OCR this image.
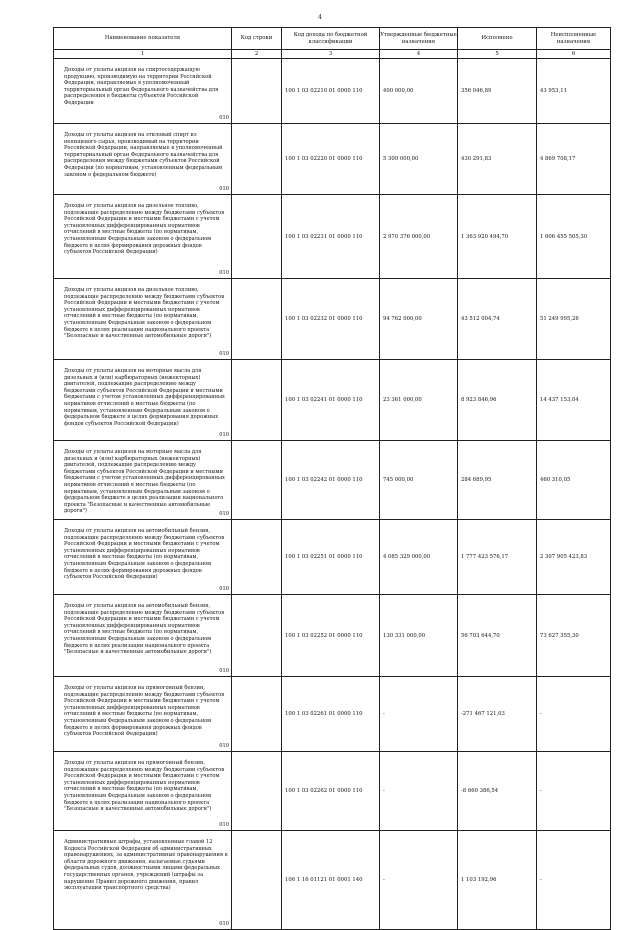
4
Наименование показателя	Код строки	Код дохода по бюджетной классификации	Утвержденные бюджетные назначения	Исполнено	Неисполненные назначения
1	2	3	4	5	6

Доходы от уплаты акцизов на спиртосодержащую продукцию, производимую на территории Российской Федерации, направляемые в уполномоченный территориальный орган Федерального казначейства для распределения в бюджеты субъектов Российской Федерации
010		100 1 03 02210 01 0000 110	400 000,00	356 046,89	43 953,11

Доходы от уплаты акцизов на этиловый спирт из непищевого сырья, производимый на территории Российской Федерации, направляемые в уполномоченный территориальный орган Федерального казначейства для распределения между бюджетами субъектов Российской Федерации (по нормативам, установленным федеральным законом о федеральном бюджете)
010		100 1 03 02220 01 0000 110	5 300 000,00	430 291,83	4 869 708,17

Доходы от уплаты акцизов на дизельное топливо, подлежащие распределению между бюджетами субъектов Российской Федерации и местными бюджетами с учетом установленных дифференцированных нормативов отчислений в местные бюджеты (по нормативам, установленным Федеральным законом о федеральном бюджете в целях формирования дорожных фондов субъектов Российской Федерации)
010		100 1 03 02231 01 0000 110	2 970 376 000,00	1 363 920 494,70	1 606 455 505,30

Доходы от уплаты акцизов на дизельное топливо, подлежащие распределению между бюджетами субъектов Российской Федерации и местными бюджетами с учетом установленных дифференцированных нормативов отчислений в местные бюджеты (по нормативам, установленным Федеральным законом о федеральном бюджете в целях реализации национального проекта "Безопасные и качественные автомобильные дороги")
010		100 1 03 02232 01 0000 110	94 762 000,00	43 512 004,74	51 249 995,26

Доходы от уплаты акцизов на моторные масла для дизельных и (или) карбюраторных (инжекторных) двигателей, подлежащие распределению между бюджетами субъектов Российской Федерации и местными бюджетами с учетом установленных дифференцированных нормативов отчислений в местные бюджеты (по нормативам, установленным Федеральным законом о федеральном бюджете в целях формирования дорожных фондов субъектов Российской Федерации)
010		100 1 03 02241 01 0000 110	23 361 000,00	8 923 846,96	14 437 153,04

Доходы от уплаты акцизов на моторные масла для дизельных и (или) карбюраторных (инжекторных) двигателей, подлежащие распределению между бюджетами субъектов Российской Федерации и местными бюджетами с учетом установленных дифференцированных нормативов отчислений в местные бюджеты (по нормативам, установленным Федеральным законом о федеральном бюджете в целях реализации национального проекта "Безопасные и качественные автомобильные дороги") 010		100 1 03 02242 01 0000 110	745 000,00	284 689,95	460 310,05

Доходы от уплаты акцизов на автомобильный бензин, подлежащие распределению между бюджетами субъектов Российской Федерации и местными бюджетами с учетом установленных дифференцированных нормативов отчислений в местные бюджеты (по нормативам, установленным Федеральным законом о федеральном бюджете в целях формирования дорожных фондов субъектов Российской Федерации)
010		100 1 03 02251 01 0000 110	4 085 329 000,00	1 777 423 576,17	2 307 905 423,83

Доходы от уплаты акцизов на автомобильный бензин, подлежащие распределению между бюджетами субъектов Российской Федерации и местными бюджетами с учетом установленных дифференцированных нормативов отчислений в местные бюджеты (по нормативам, установленным Федеральным законом о федеральном бюджете в целях реализации национального проекта "Безопасные и качественные автомобильные дороги")
010		100 1 03 02252 01 0000 110	130 331 000,00	56 703 644,70	73 627 355,30

Доходы от уплаты акцизов на прямогонный бензин, подлежащие распределению между бюджетами субъектов Российской Федерации и местными бюджетами с учетом установленных дифференцированных нормативов отчислений в местные бюджеты (по нормативам, установленным Федеральным законом о федеральном бюджете в целях формирования дорожных фондов субъектов Российской Федерации)
010		100 1 03 02261 01 0000 110	-	-271 467 121,03	-

Доходы от уплаты акцизов на прямогонный бензин, подлежащие распределению между бюджетами субъектов Российской Федерации и местными бюджетами с учетом установленных дифференцированных нормативов отчислений в местные бюджеты (по нормативам, установленным Федеральным законом о федеральном бюджете в целях реализации национального проекта "Безопасные и качественные автомобильные дороги")
010		100 1 03 02262 01 0000 110	-	-8 660 386,54	-

Административные штрафы, установленные главой 12 Кодекса Российской Федерации об административных правонарушениях, за административные правонарушения в области дорожного движения, налагаемые судьями федеральных судов, должностными лицами федеральных государственных органов, учреждений (штрафы за нарушение Правил дорожного движения, правил эксплуатации транспортного средства)
010		106 1 16 01121 01 0001 140	-	1 103 192,96	-
